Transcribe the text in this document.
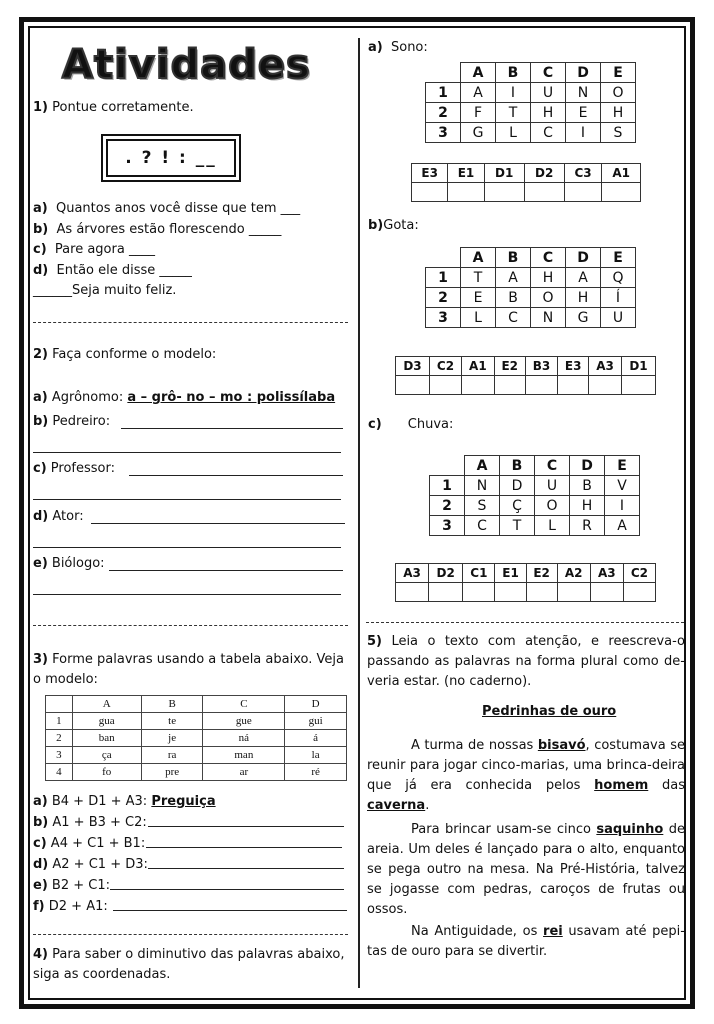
Atividades
1) Pontue corretamente.
. ? ! : __
a) Quantos anos você disse que tem ___
b) As árvores estão florescendo _____
c) Pare agora ____
d) Então ele disse _____
______Seja muito feliz.
2) Faça conforme o modelo:
a) Agrônomo: a – grô- no – mo : polissílaba
b) Pedreiro:
c) Professor:
d) Ator:
e) Biólogo:
3) Forme palavras usando a tabela abaixo. Veja o modelo:
	A	B	C	D
1	gua	te	gue	gui
2	ban	je	ná	á
3	ça	ra	man	la
4	fo	pre	ar	ré
a) B4 + D1 + A3: Preguiça
b) A1 + B3 + C2:
c) A4 + C1 + B1:
d) A2 + C1 + D3:
e) B2 + C1:
f) D2 + A1:
4) Para saber o diminutivo das palavras abaixo, siga as coordenadas.
a) Sono:
	A	B	C	D	E
1	A	I	U	N	O
2	F	T	H	E	H
3	G	L	C	I	S
E3	E1	D1	D2	C3	A1

b)Gota:
	A	B	C	D	E
1	T	A	H	A	Q
2	E	B	O	H	Í
3	L	C	N	G	U
D3	C2	A1	E2	B3	E3	A3	D1

c) Chuva:
	A	B	C	D	E
1	N	D	U	B	V
2	S	Ç	O	H	I
3	C	T	L	R	A
A3	D2	C1	E1	E2	A2	A3	C2

5) Leia o texto com atenção, e reescreva-o passando as palavras na forma plural como de-veria estar. (no caderno).
Pedrinhas de ouro
A turma de nossas bisavó, costumava se reunir para jogar cinco-marias, uma brinca-deira que já era conhecida pelos homem das caverna.
Para brincar usam-se cinco saquinho de areia. Um deles é lançado para o alto, enquanto se pega outro na mesa. Na Pré-História, talvez se jogasse com pedras, caroços de frutas ou ossos.
Na Antiguidade, os rei usavam até pepi-tas de ouro para se divertir.
